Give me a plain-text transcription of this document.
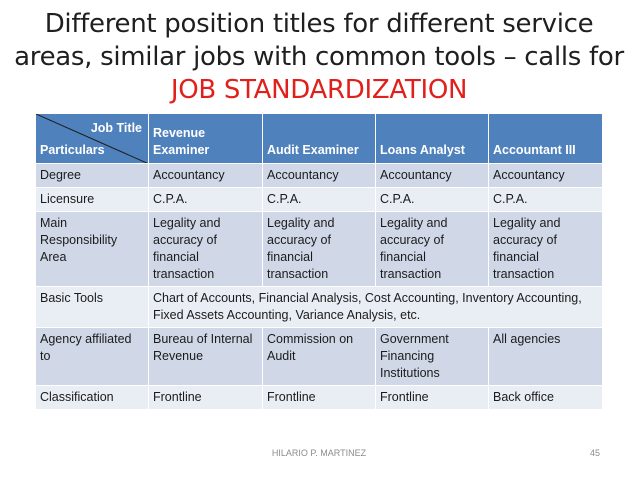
Different position titles for different service
areas, similar jobs with common tools – calls for
JOB STANDARDIZATION
Job Title
Particulars	Revenue Examiner	Audit Examiner	Loans Analyst	Accountant III
Degree	Accountancy	Accountancy	Accountancy	Accountancy
Licensure	C.P.A.	C.P.A.	C.P.A.	C.P.A.
Main Responsibility Area	Legality and accuracy of financial transaction	Legality and accuracy of financial transaction	Legality and accuracy of financial transaction	Legality and accuracy of financial transaction
Basic Tools	Chart of Accounts, Financial Analysis, Cost Accounting, Inventory Accounting, Fixed Assets Accounting, Variance Analysis, etc.			
Agency affiliated to	Bureau of Internal Revenue	Commission on Audit	Government Financing Institutions	All agencies
Classification	Frontline	Frontline	Frontline	Back office
HILARIO P. MARTINEZ	45
